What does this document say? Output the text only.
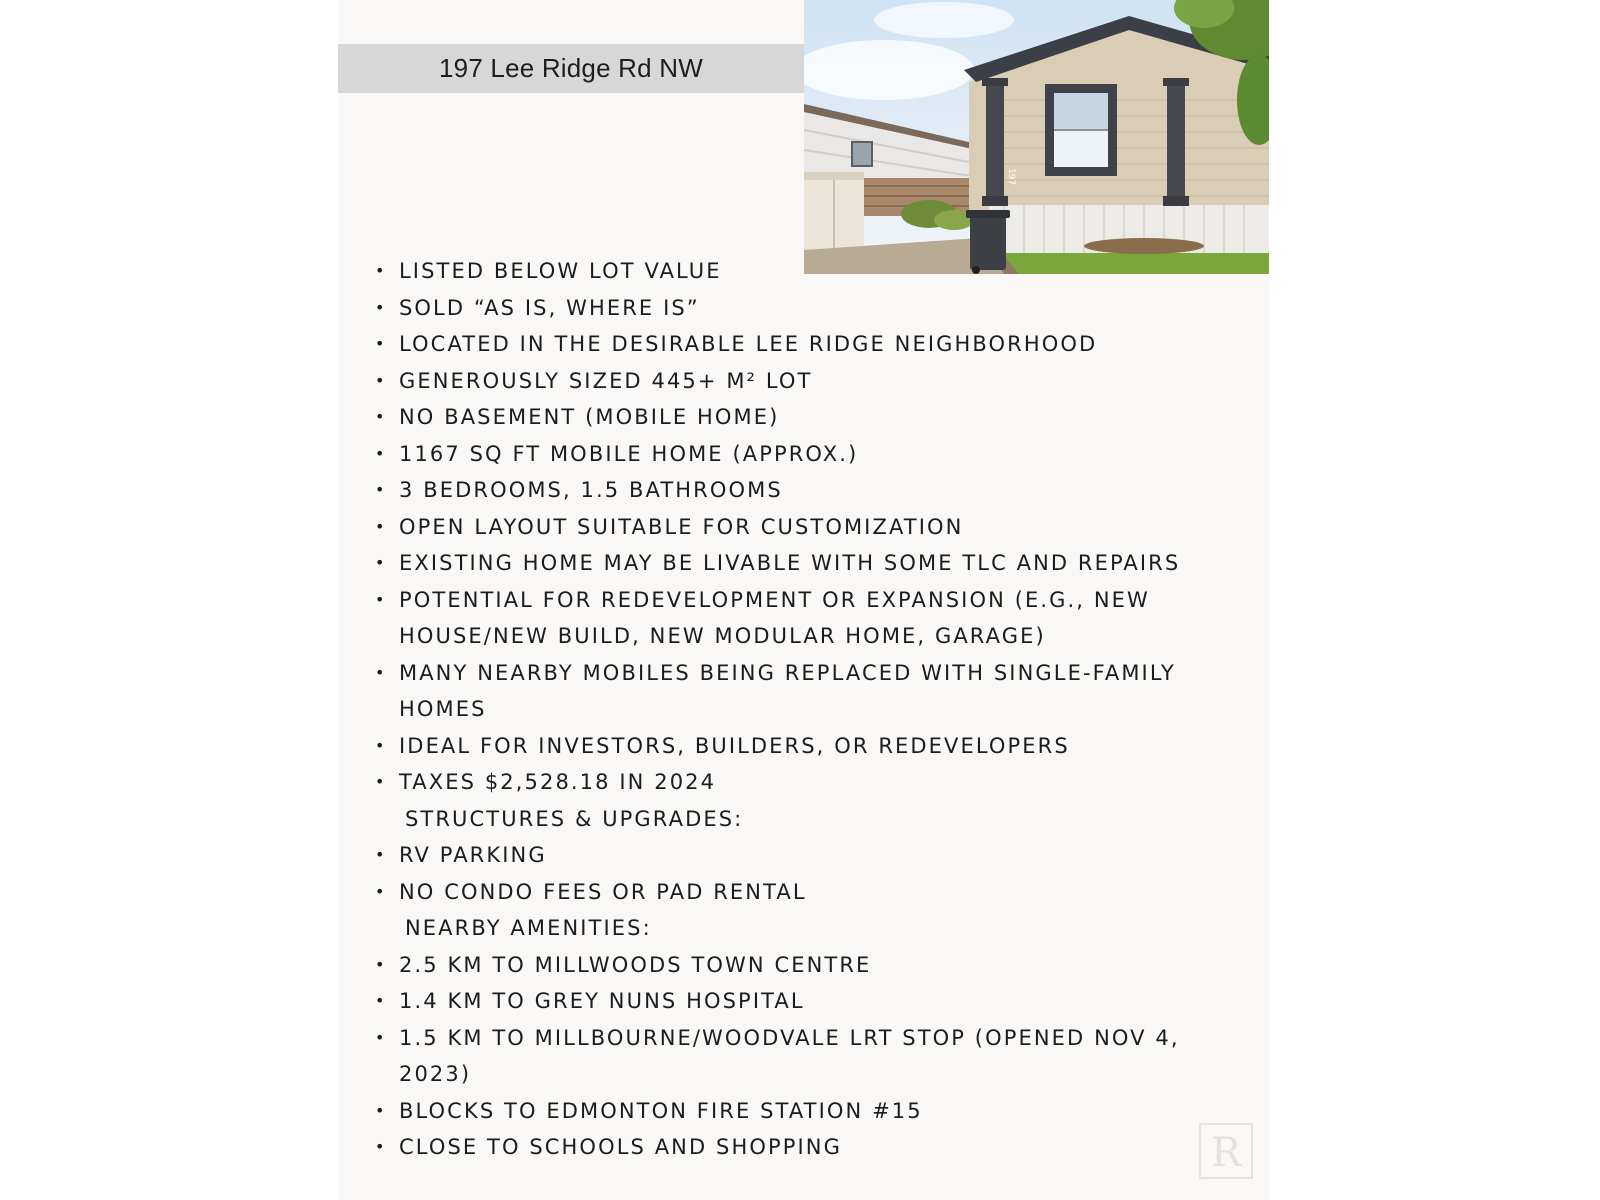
197 Lee Ridge Rd NW
197
• LISTED BELOW LOT VALUE
• SOLD “AS IS, WHERE IS”
• LOCATED IN THE DESIRABLE LEE RIDGE NEIGHBORHOOD
• GENEROUSLY SIZED 445+ M² LOT
• NO BASEMENT (MOBILE HOME)
• 1167 SQ FT MOBILE HOME (APPROX.)
• 3 BEDROOMS, 1.5 BATHROOMS
• OPEN LAYOUT SUITABLE FOR CUSTOMIZATION
• EXISTING HOME MAY BE LIVABLE WITH SOME TLC AND REPAIRS
• POTENTIAL FOR REDEVELOPMENT OR EXPANSION (E.G., NEW
HOUSE/NEW BUILD, NEW MODULAR HOME, GARAGE)
• MANY NEARBY MOBILES BEING REPLACED WITH SINGLE-FAMILY
HOMES
• IDEAL FOR INVESTORS, BUILDERS, OR REDEVELOPERS
• TAXES $2,528.18 IN 2024
STRUCTURES & UPGRADES:
• RV PARKING
• NO CONDO FEES OR PAD RENTAL
NEARBY AMENITIES:
• 2.5 KM TO MILLWOODS TOWN CENTRE
• 1.4 KM TO GREY NUNS HOSPITAL
• 1.5 KM TO MILLBOURNE/WOODVALE LRT STOP (OPENED NOV 4,
2023)
• BLOCKS TO EDMONTON FIRE STATION #15
• CLOSE TO SCHOOLS AND SHOPPING	R
